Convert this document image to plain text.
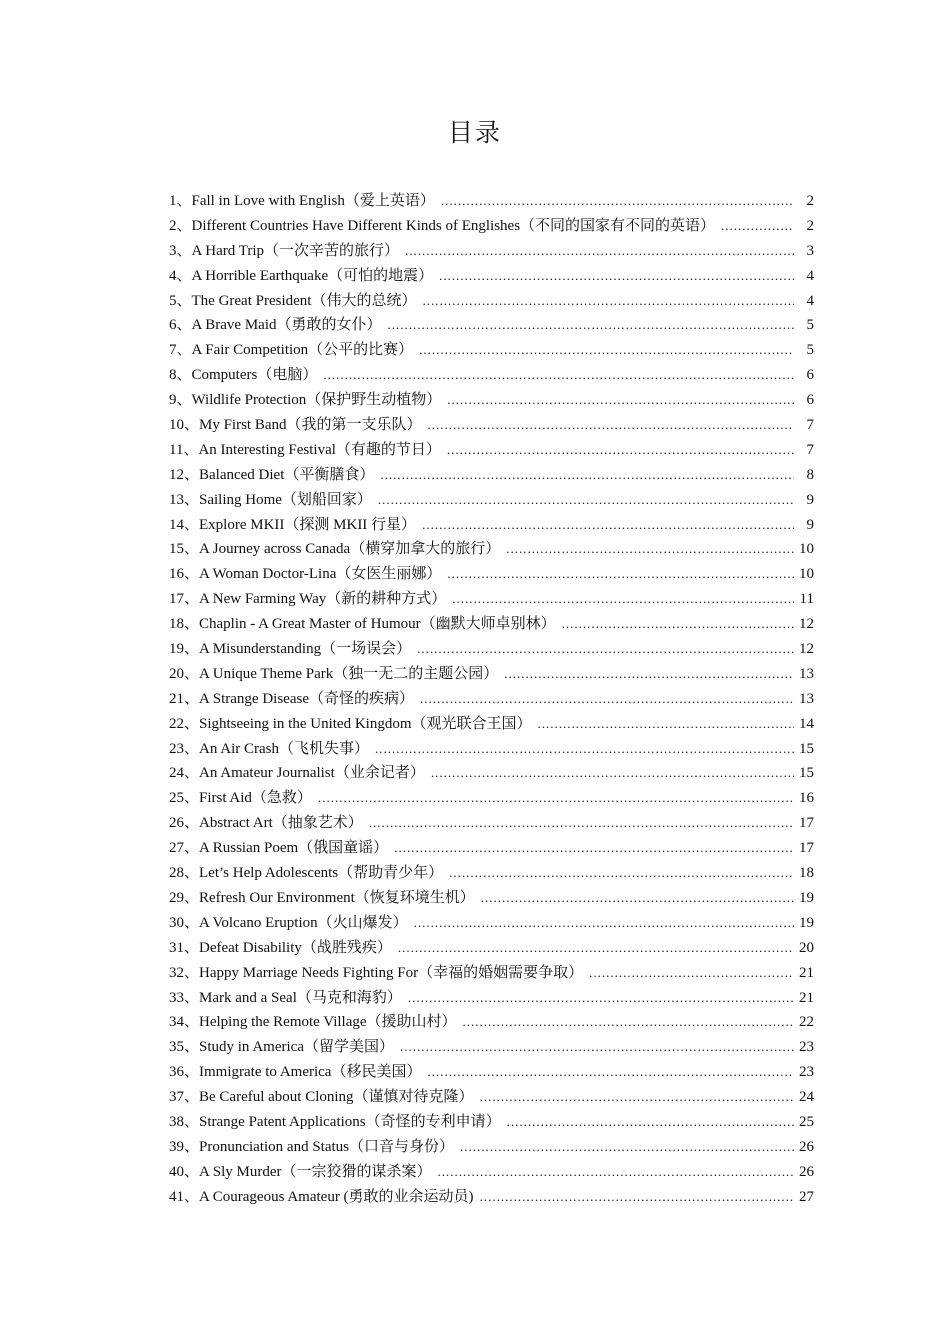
目录
1、Fall in Love with English（爱上英语） .....	2
2、Different Countries Have Different Kinds of Englishes（不同的国家有不同的英语） .....	2
3、A Hard Trip（一次辛苦的旅行） .....	3
4、A Horrible Earthquake（可怕的地震） .....	4
5、The Great President（伟大的总统） .....	4
6、A Brave Maid（勇敢的女仆） .....	5
7、A Fair Competition（公平的比赛） .....	5
8、Computers（电脑） .....	6
9、Wildlife Protection（保护野生动植物） .....	6
10、My First Band（我的第一支乐队） .....	7
11、An Interesting Festival（有趣的节日） .....	7
12、Balanced Diet（平衡膳食） .....	8
13、Sailing Home（划船回家） .....	9
14、Explore MKII（探测 MKII 行星） .....	9
15、A Journey across Canada（横穿加拿大的旅行） .....	10
16、A Woman Doctor-Lina（女医生丽娜） .....	10
17、A New Farming Way（新的耕种方式） .....	11
18、Chaplin - A Great Master of Humour（幽默大师卓别林） .....	12
19、A Misunderstanding（一场误会） .....	12
20、A Unique Theme Park（独一无二的主题公园） .....	13
21、A Strange Disease（奇怪的疾病） .....	13
22、Sightseeing in the United Kingdom（观光联合王国） .....	14
23、An Air Crash（飞机失事） .....	15
24、An Amateur Journalist（业余记者） .....	15
25、First Aid（急救） .....	16
26、Abstract Art（抽象艺术） .....	17
27、A Russian Poem（俄国童谣） .....	17
28、Let’s Help Adolescents（帮助青少年） .....	18
29、Refresh Our Environment（恢复环境生机） .....	19
30、A Volcano Eruption（火山爆发） .....	19
31、Defeat Disability（战胜残疾） .....	20
32、Happy Marriage Needs Fighting For（幸福的婚姻需要争取） .....	21
33、Mark and a Seal（马克和海豹） .....	21
34、Helping the Remote Village（援助山村） .....	22
35、Study in America（留学美国） .....	23
36、Immigrate to America（移民美国） .....	23
37、Be Careful about Cloning（谨慎对待克隆） .....	24
38、Strange Patent Applications（奇怪的专利申请） .....	25
39、Pronunciation and Status（口音与身份） .....	26
40、A Sly Murder（一宗狡猾的谋杀案） .....	26
41、A Courageous Amateur (勇敢的业余运动员) .....	27
